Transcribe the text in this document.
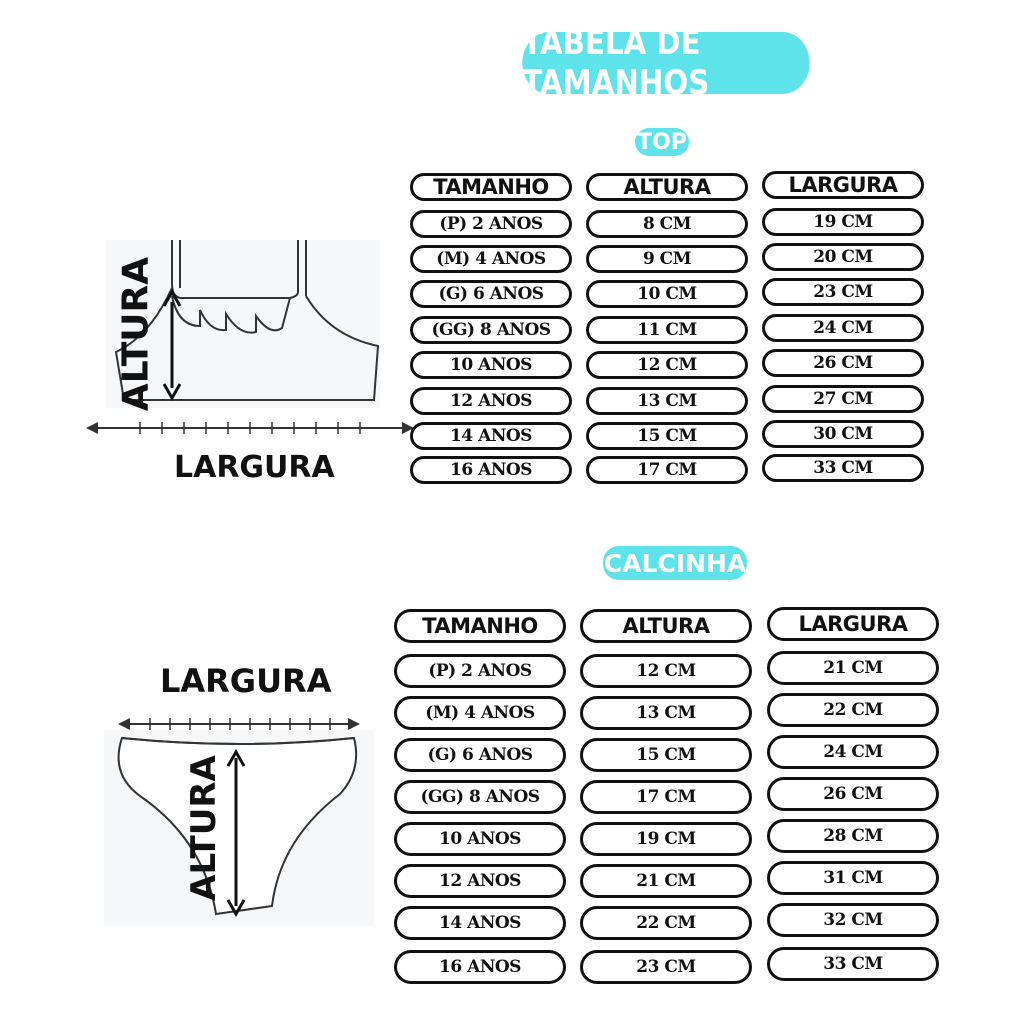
TABELA DE TAMANHOS
TOP
CALCINHA
ALTURA
LARGURA
ALTURA
LARGURA
TAMANHO	ALTURA	LARGURA
(P) 2 ANOS	8 CM	19 CM
(M) 4 ANOS	9 CM	20 CM
(G) 6 ANOS	10 CM	23 CM
(GG) 8 ANOS	11 CM	24 CM
10 ANOS	12 CM	26 CM
12 ANOS	13 CM	27 CM
14 ANOS	15 CM	30 CM
16 ANOS	17 CM	33 CM
TAMANHO	ALTURA	LARGURA
(P) 2 ANOS	12 CM	21 CM
(M) 4 ANOS	13 CM	22 CM
(G) 6 ANOS	15 CM	24 CM
(GG) 8 ANOS	17 CM	26 CM
10 ANOS	19 CM	28 CM
12 ANOS	21 CM	31 CM
14 ANOS	22 CM	32 CM
16 ANOS	23 CM	33 CM
